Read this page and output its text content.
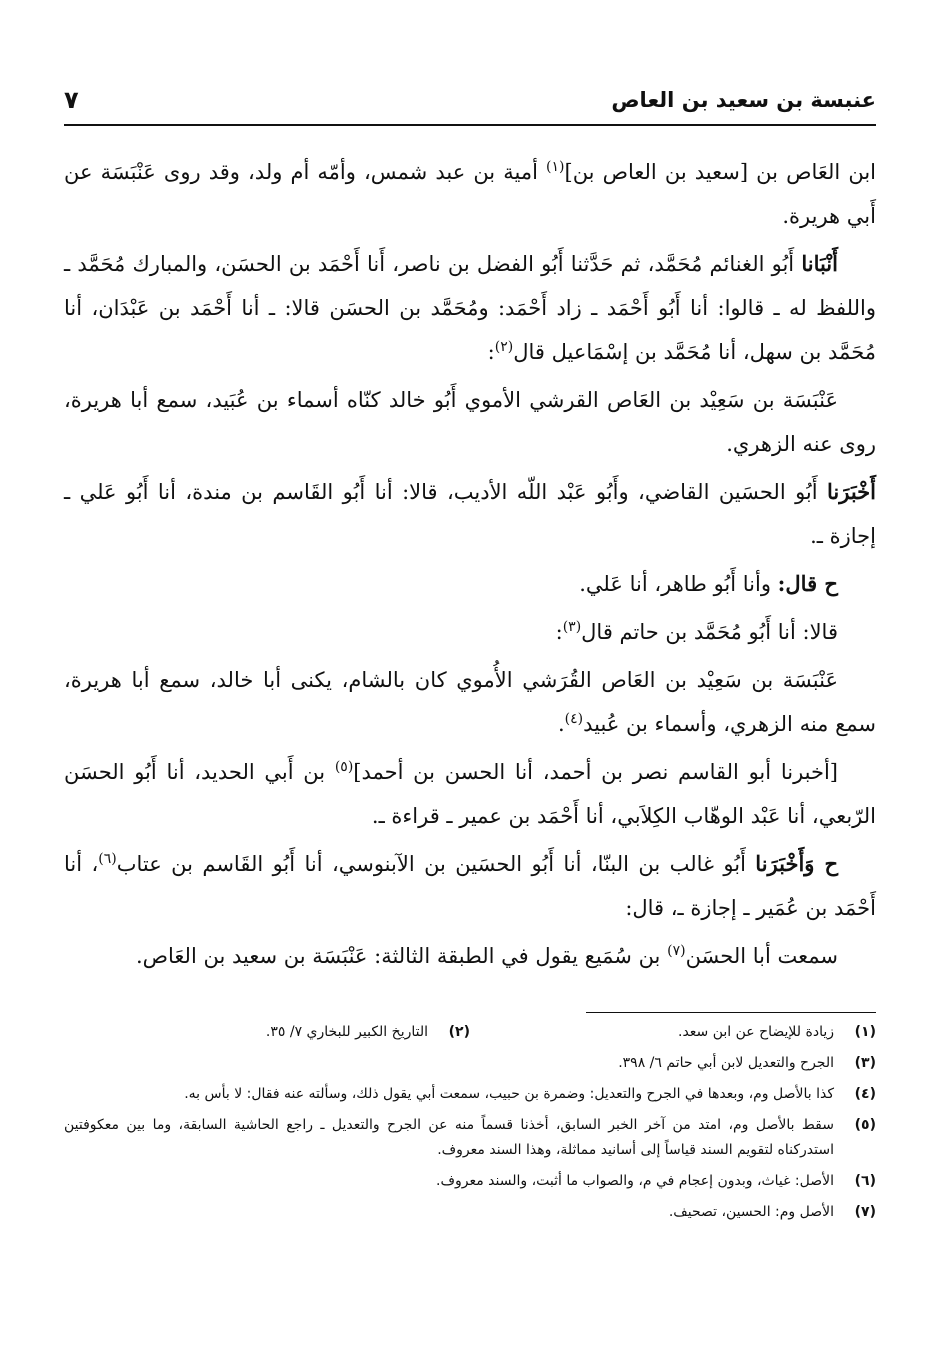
عنبسة بن سعيد بن العاص
٧

ابن العَاص بن [سعيد بن العاص بن]$^{(١)}$ أمية بن عبد شمس، وأمّه أم ولد، وقد روى عَنْبَسَة عن أَبي هريرة.

أَنْبَانا أَبُو الغنائم مُحَمَّد، ثم حَدَّثنا أَبُو الفضل بن ناصر، أَنا أَحْمَد بن الحسَن، والمبارك مُحَمَّد ـ واللفظ له ـ قالوا: أنا أَبُو أَحْمَد ـ زاد أَحْمَد: ومُحَمَّد بن الحسَن قالا: ـ أنا أَحْمَد بن عَبْدَان، أنا مُحَمَّد بن سهل، أنا مُحَمَّد بن إسْمَاعيل قال$^{(٢)}$:

عَنْبَسَة بن سَعِيْد بن العَاص القرشي الأموي أَبُو خالد كنّاه أسماء بن عُبَيد، سمع أبا هريرة، روى عنه الزهري.

أَخْبَرَنا أَبُو الحسَين القاضي، وأَبُو عَبْد اللّه الأديب، قالا: أنا أَبُو القَاسم بن مندة، أنا أَبُو عَلي ـ إجازة ـ.

ح قال: وأنا أَبُو طاهر، أنا عَلي.

قالا: أنا أَبُو مُحَمَّد بن حاتم قال$^{(٣)}$:

عَنْبَسَة بن سَعِيْد بن العَاص القُرَشي الأُموي كان بالشام، يكنى أبا خالد، سمع أبا هريرة، سمع منه الزهري، وأسماء بن عُبيد$^{(٤)}$.

[أخبرنا أبو القاسم نصر بن أحمد، أنا الحسن بن أحمد]$^{(٥)}$ بن أَبي الحديد، أنا أَبُو الحسَن الرّبعي، أنا عَبْد الوهّاب الكِلاَبي، أنا أَحْمَد بن عمير ـ قراءة ـ.

ح وَأَخْبَرَنا أَبُو غالب بن البنّا، أنا أَبُو الحسَين بن الآبنوسي، أنا أَبُو القَاسم بن عتاب$^{(٦)}$، أنا أَحْمَد بن عُمَير ـ إجازة ـ، قال:

سمعت أبا الحسَن$^{(٧)}$ بن سُمَيع يقول في الطبقة الثالثة: عَنْبَسَة بن سعيد بن العَاص.

(١)
زيادة للإيضاح عن ابن سعد.
(٢)
التاريخ الكبير للبخاري ٧/ ٣٥.
(٣)
الجرح والتعديل لابن أبي حاتم ٦/ ٣٩٨.
(٤)
كذا بالأصل وم، وبعدها في الجرح والتعديل: وضمرة بن حبيب، سمعت أبي يقول ذلك، وسألته عنه فقال: لا بأس به.
(٥)
سقط بالأصل وم، امتد من آخر الخبر السابق، أخذنا قسماً منه عن الجرح والتعديل ـ راجع الحاشية السابقة، وما بين معكوفتين استدركناه لتقويم السند قياساً إلى أسانيد مماثلة، وهذا السند معروف.
(٦)
الأصل: غياث، وبدون إعجام في م، والصواب ما أثبت، والسند معروف.
(٧)
الأصل وم: الحسين، تصحيف.
